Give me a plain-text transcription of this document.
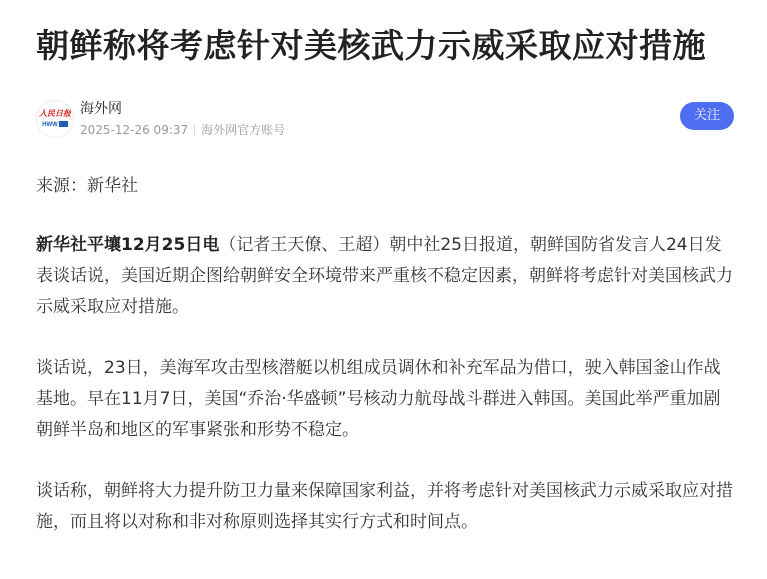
朝鲜称将考虑针对美核武力示威采取应对措施
人民日报
HWW
海外网
2025-12-26 09:37 海外网官方账号
关注
来源：新华社

新华社平壤12月25日电（记者王天僚、王超）朝中社25日报道，朝鲜国防省发言人24日发表谈话说，美国近期企图给朝鲜安全环境带来严重核不稳定因素，朝鲜将考虑针对美国核武力示威采取应对措施。

谈话说，23日，美海军攻击型核潜艇以机组成员调休和补充军品为借口，驶入韩国釜山作战基地。早在11月7日，美国“乔治·华盛顿”号核动力航母战斗群进入韩国。美国此举严重加剧朝鲜半岛和地区的军事紧张和形势不稳定。

谈话称，朝鲜将大力提升防卫力量来保障国家利益，并将考虑针对美国核武力示威采取应对措施，而且将以对称和非对称原则选择其实行方式和时间点。
